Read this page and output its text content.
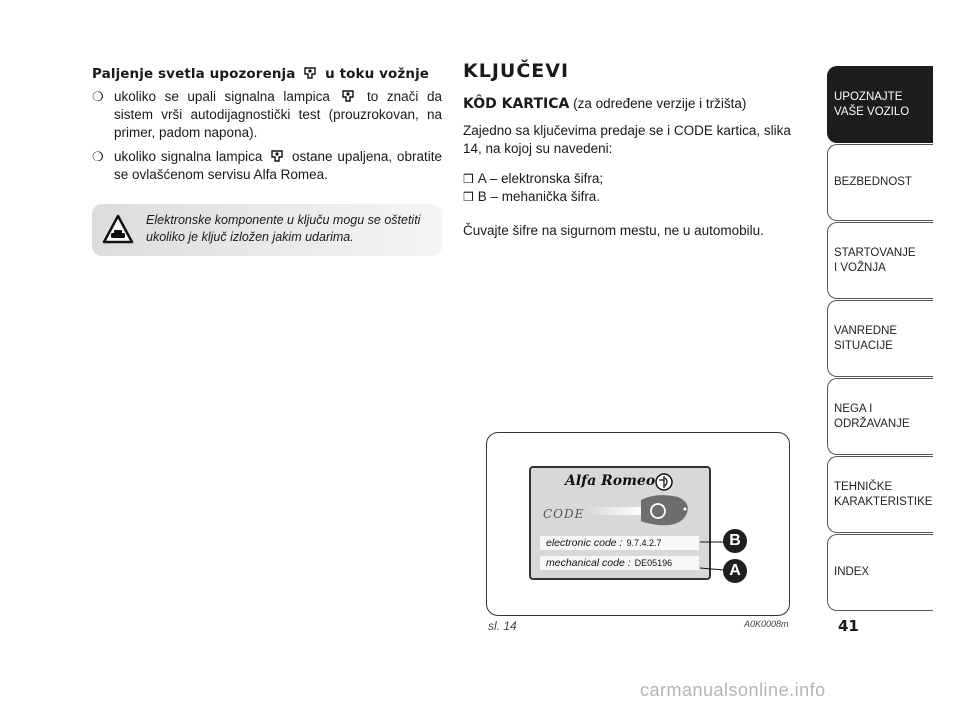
Paljenje svetla upozorenja u toku vožnje
❍ ukoliko se upali signalna lampica	to znači da sistem vrši autodijagnostički test (prouzrokovan, na primer, padom napona).
❍ ukoliko signalna lampica ostane upaljena, obratite se ovlašćenom servisu Alfa Romea.
Elektronske komponente u ključu mogu se oštetiti ukoliko je ključ izložen jakim udarima.
KLJUČEVI
KÔD KARTICA (za određene verzije i tržišta)
Zajedno sa ključevima predaje se i CODE kartica, slika 14, na kojoj su navedeni:
❒ A – elektronska šifra;
❒ B – mehanička šifra.
Čuvajte šifre na sigurnom mestu, ne u automobilu.
Alfa Romeo
CODE
electronic code : 9.7.4.2.7
mechanical code : DE05196
B
A
sl. 14	A0K0008m
UPOZNAJTE
VAŠE VOZILO
BEZBEDNOST
STARTOVANJE
I VOŽNJA
VANREDNE
SITUACIJE
NEGA I
ODRŽAVANJE
TEHNIČKE
KARAKTERISTIKE
INDEX
41
carmanualsonline.info
